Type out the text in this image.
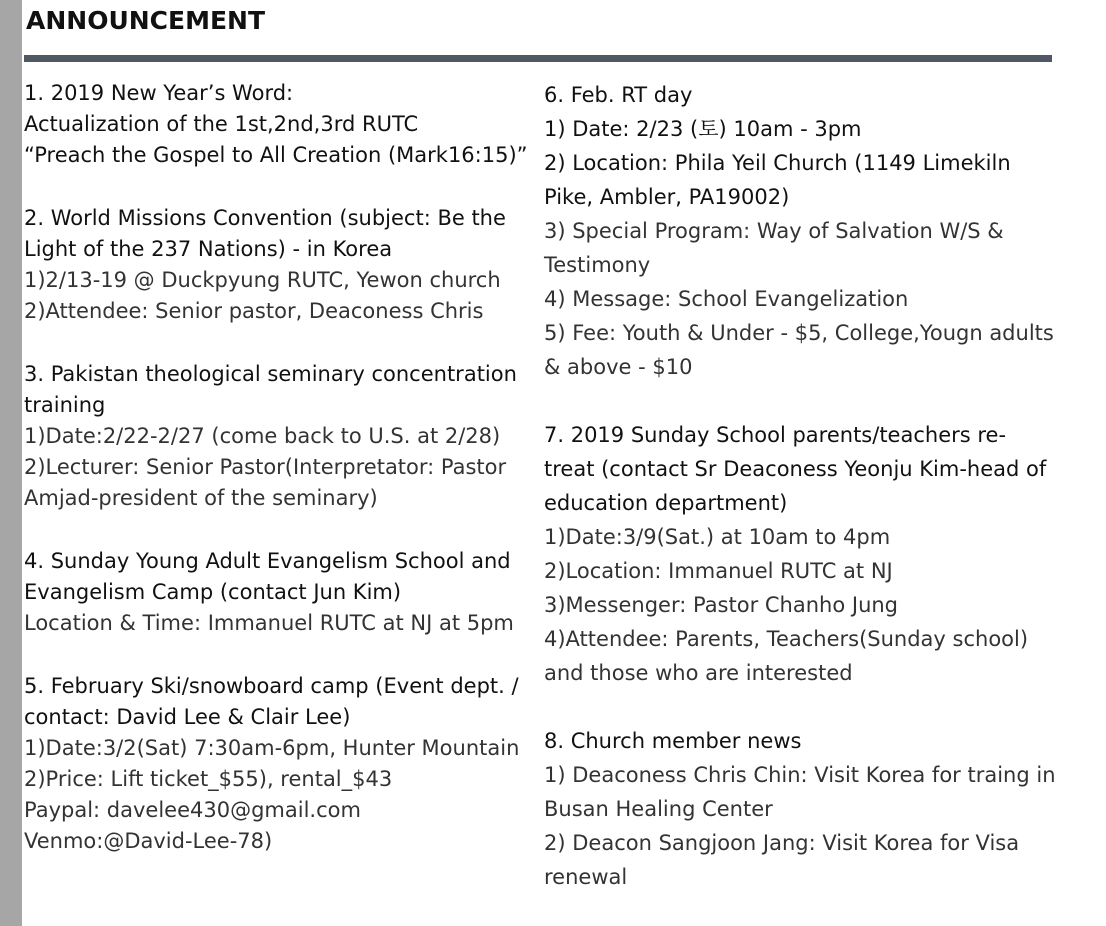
ANNOUNCEMENT
1. 2019 New Year’s Word:
Actualization of the 1st,2nd,3rd RUTC
“Preach the Gospel to All Creation (Mark16:15)”
2. World Missions Convention (subject: Be the
Light of the 237 Nations) - in Korea
1)2/13-19 @ Duckpyung RUTC, Yewon church
2)Attendee: Senior pastor, Deaconess Chris
3. Pakistan theological seminary concentration
training
1)Date:2/22-2/27 (come back to U.S. at 2/28)
2)Lecturer: Senior Pastor(Interpretator: Pastor
Amjad-president of the seminary)
4. Sunday Young Adult Evangelism School and
Evangelism Camp (contact Jun Kim)
Location & Time: Immanuel RUTC at NJ at 5pm
5. February Ski/snowboard camp (Event dept. /
contact: David Lee & Clair Lee)
1)Date:3/2(Sat) 7:30am-6pm, Hunter Mountain
2)Price: Lift ticket_$55), rental_$43
Paypal: davelee430@gmail.com
Venmo:@David-Lee-78)
6. Feb. RT day
1) Date: 2/23 (토) 10am - 3pm
2) Location: Phila Yeil Church (1149 Limekiln
Pike, Ambler, PA19002)
3) Special Program: Way of Salvation W/S &
Testimony
4) Message: School Evangelization
5) Fee: Youth & Under - $5, College,Yougn adults
& above - $10
7. 2019 Sunday School parents/teachers re-
treat (contact Sr Deaconess Yeonju Kim-head of
education department)
1)Date:3/9(Sat.) at 10am to 4pm
2)Location: Immanuel RUTC at NJ
3)Messenger: Pastor Chanho Jung
4)Attendee: Parents, Teachers(Sunday school)
and those who are interested
8. Church member news
1) Deaconess Chris Chin: Visit Korea for traing in
Busan Healing Center
2) Deacon Sangjoon Jang: Visit Korea for Visa
renewal
